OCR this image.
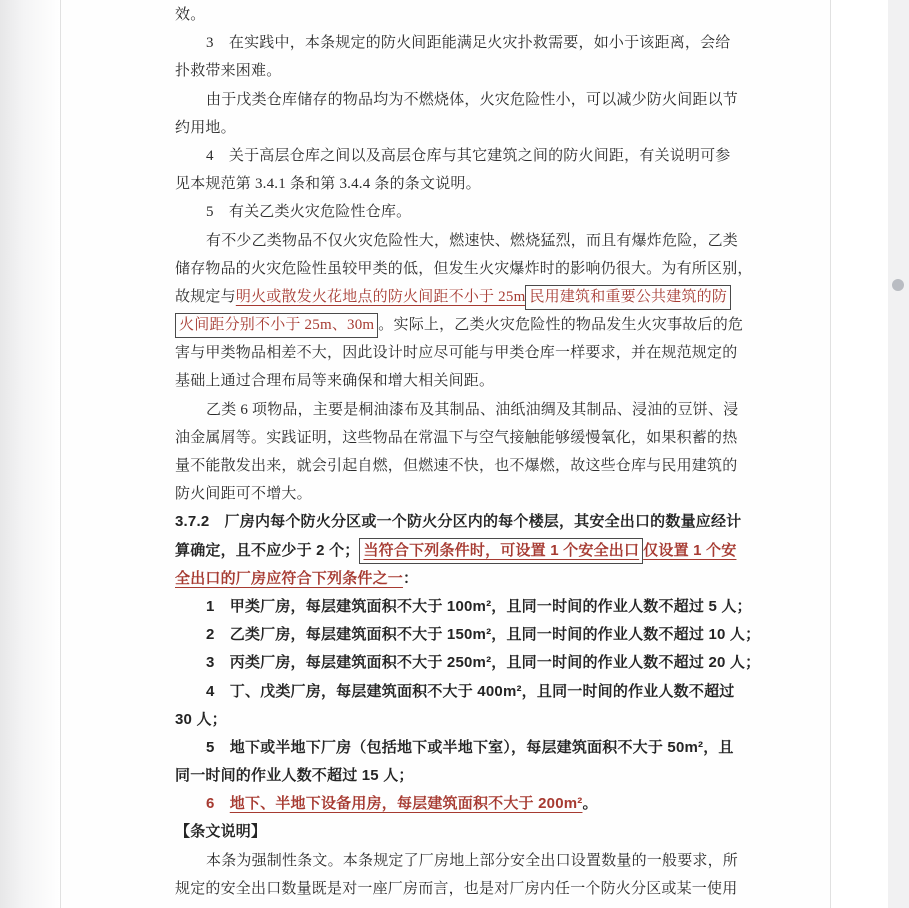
效。
3　在实践中，本条规定的防火间距能满足火灾扑救需要，如小于该距离，会给
扑救带来困难。
由于戊类仓库储存的物品均为不燃烧体，火灾危险性小，可以减少防火间距以节
约用地。
4　关于高层仓库之间以及高层仓库与其它建筑之间的防火间距，有关说明可参
见本规范第 3.4.1 条和第 3.4.4 条的条文说明。
5　有关乙类火灾危险性仓库。
有不少乙类物品不仅火灾危险性大，燃速快、燃烧猛烈，而且有爆炸危险，乙类
储存物品的火灾危险性虽较甲类的低，但发生火灾爆炸时的影响仍很大。为有所区别，
故规定与明火或散发火花地点的防火间距不小于 25m 民用建筑和重要公共建筑的防
火间距分别不小于 25m、30m 。实际上，乙类火灾危险性的物品发生火灾事故后的危
害与甲类物品相差不大，因此设计时应尽可能与甲类仓库一样要求，并在规范规定的
基础上通过合理布局等来确保和增大相关间距。
乙类 6 项物品，主要是桐油漆布及其制品、油纸油绸及其制品、浸油的豆饼、浸
油金属屑等。实践证明，这些物品在常温下与空气接触能够缓慢氧化，如果积蓄的热
量不能散发出来，就会引起自燃，但燃速不快，也不爆燃，故这些仓库与民用建筑的
防火间距可不增大。
3.7.2　厂房内每个防火分区或一个防火分区内的每个楼层，其安全出口的数量应经计
算确定，且不应少于 2 个； 当符合下列条件时，可设置 1 个安全出口 仅设置 1 个安
全出口的厂房应符合下列条件之一：
1　甲类厂房，每层建筑面积不大于 100m²，且同一时间的作业人数不超过 5 人；
2　乙类厂房，每层建筑面积不大于 150m²，且同一时间的作业人数不超过 10 人；
3　丙类厂房，每层建筑面积不大于 250m²，且同一时间的作业人数不超过 20 人；
4　丁、戊类厂房，每层建筑面积不大于 400m²，且同一时间的作业人数不超过
30 人；
5　地下或半地下厂房（包括地下或半地下室），每层建筑面积不大于 50m²，且
同一时间的作业人数不超过 15 人；
6　地下、半地下设备用房，每层建筑面积不大于 200m²。
【条文说明】
本条为强制性条文。本条规定了厂房地上部分安全出口设置数量的一般要求，所
规定的安全出口数量既是对一座厂房而言，也是对厂房内任一个防火分区或某一使用
